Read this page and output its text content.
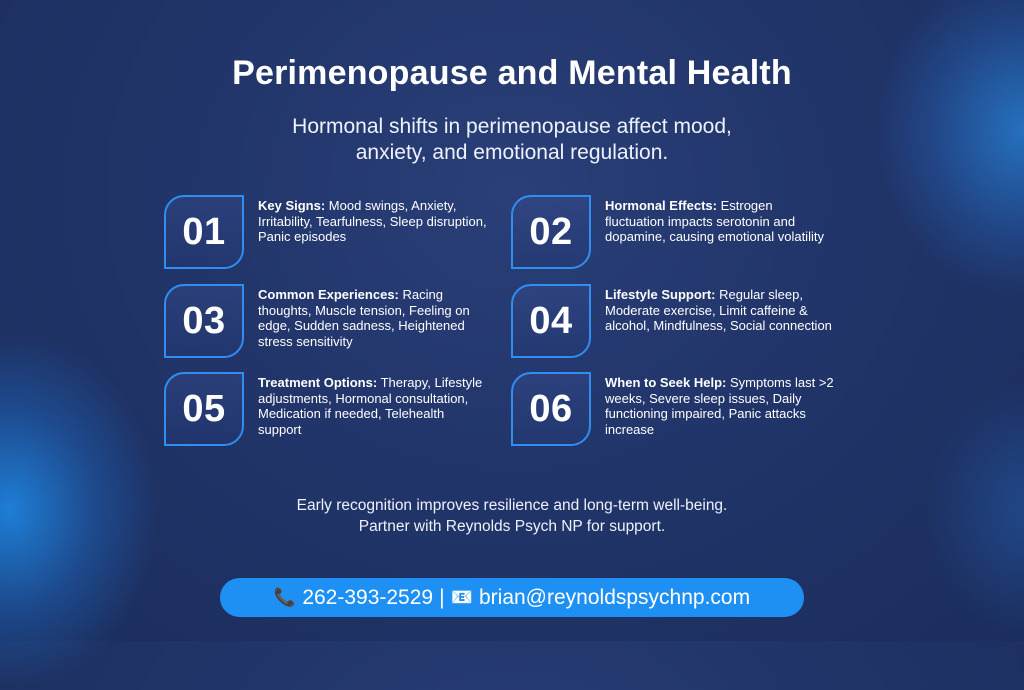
Perimenopause and Mental Health
Hormonal shifts in perimenopause affect mood, anxiety, and emotional regulation.
01
Key Signs: Mood swings, Anxiety, Irritability, Tearfulness, Sleep disruption, Panic episodes	02
Hormonal Effects: Estrogen fluctuation impacts serotonin and dopamine, causing emotional volatility
03
Common Experiences: Racing thoughts, Muscle tension, Feeling on edge, Sudden sadness, Heightened stress sensitivity	04
Lifestyle Support: Regular sleep, Moderate exercise, Limit caffeine & alcohol, Mindfulness, Social connection
05
Treatment Options: Therapy, Lifestyle adjustments, Hormonal consultation, Medication if needed, Telehealth support	06
When to Seek Help: Symptoms last >2 weeks, Severe sleep issues, Daily functioning impaired, Panic attacks increase
Early recognition improves resilience and long-term well-being.
Partner with Reynolds Psych NP for support.
📞 262-393-2529 | 📧 brian@reynoldspsychnp.com
